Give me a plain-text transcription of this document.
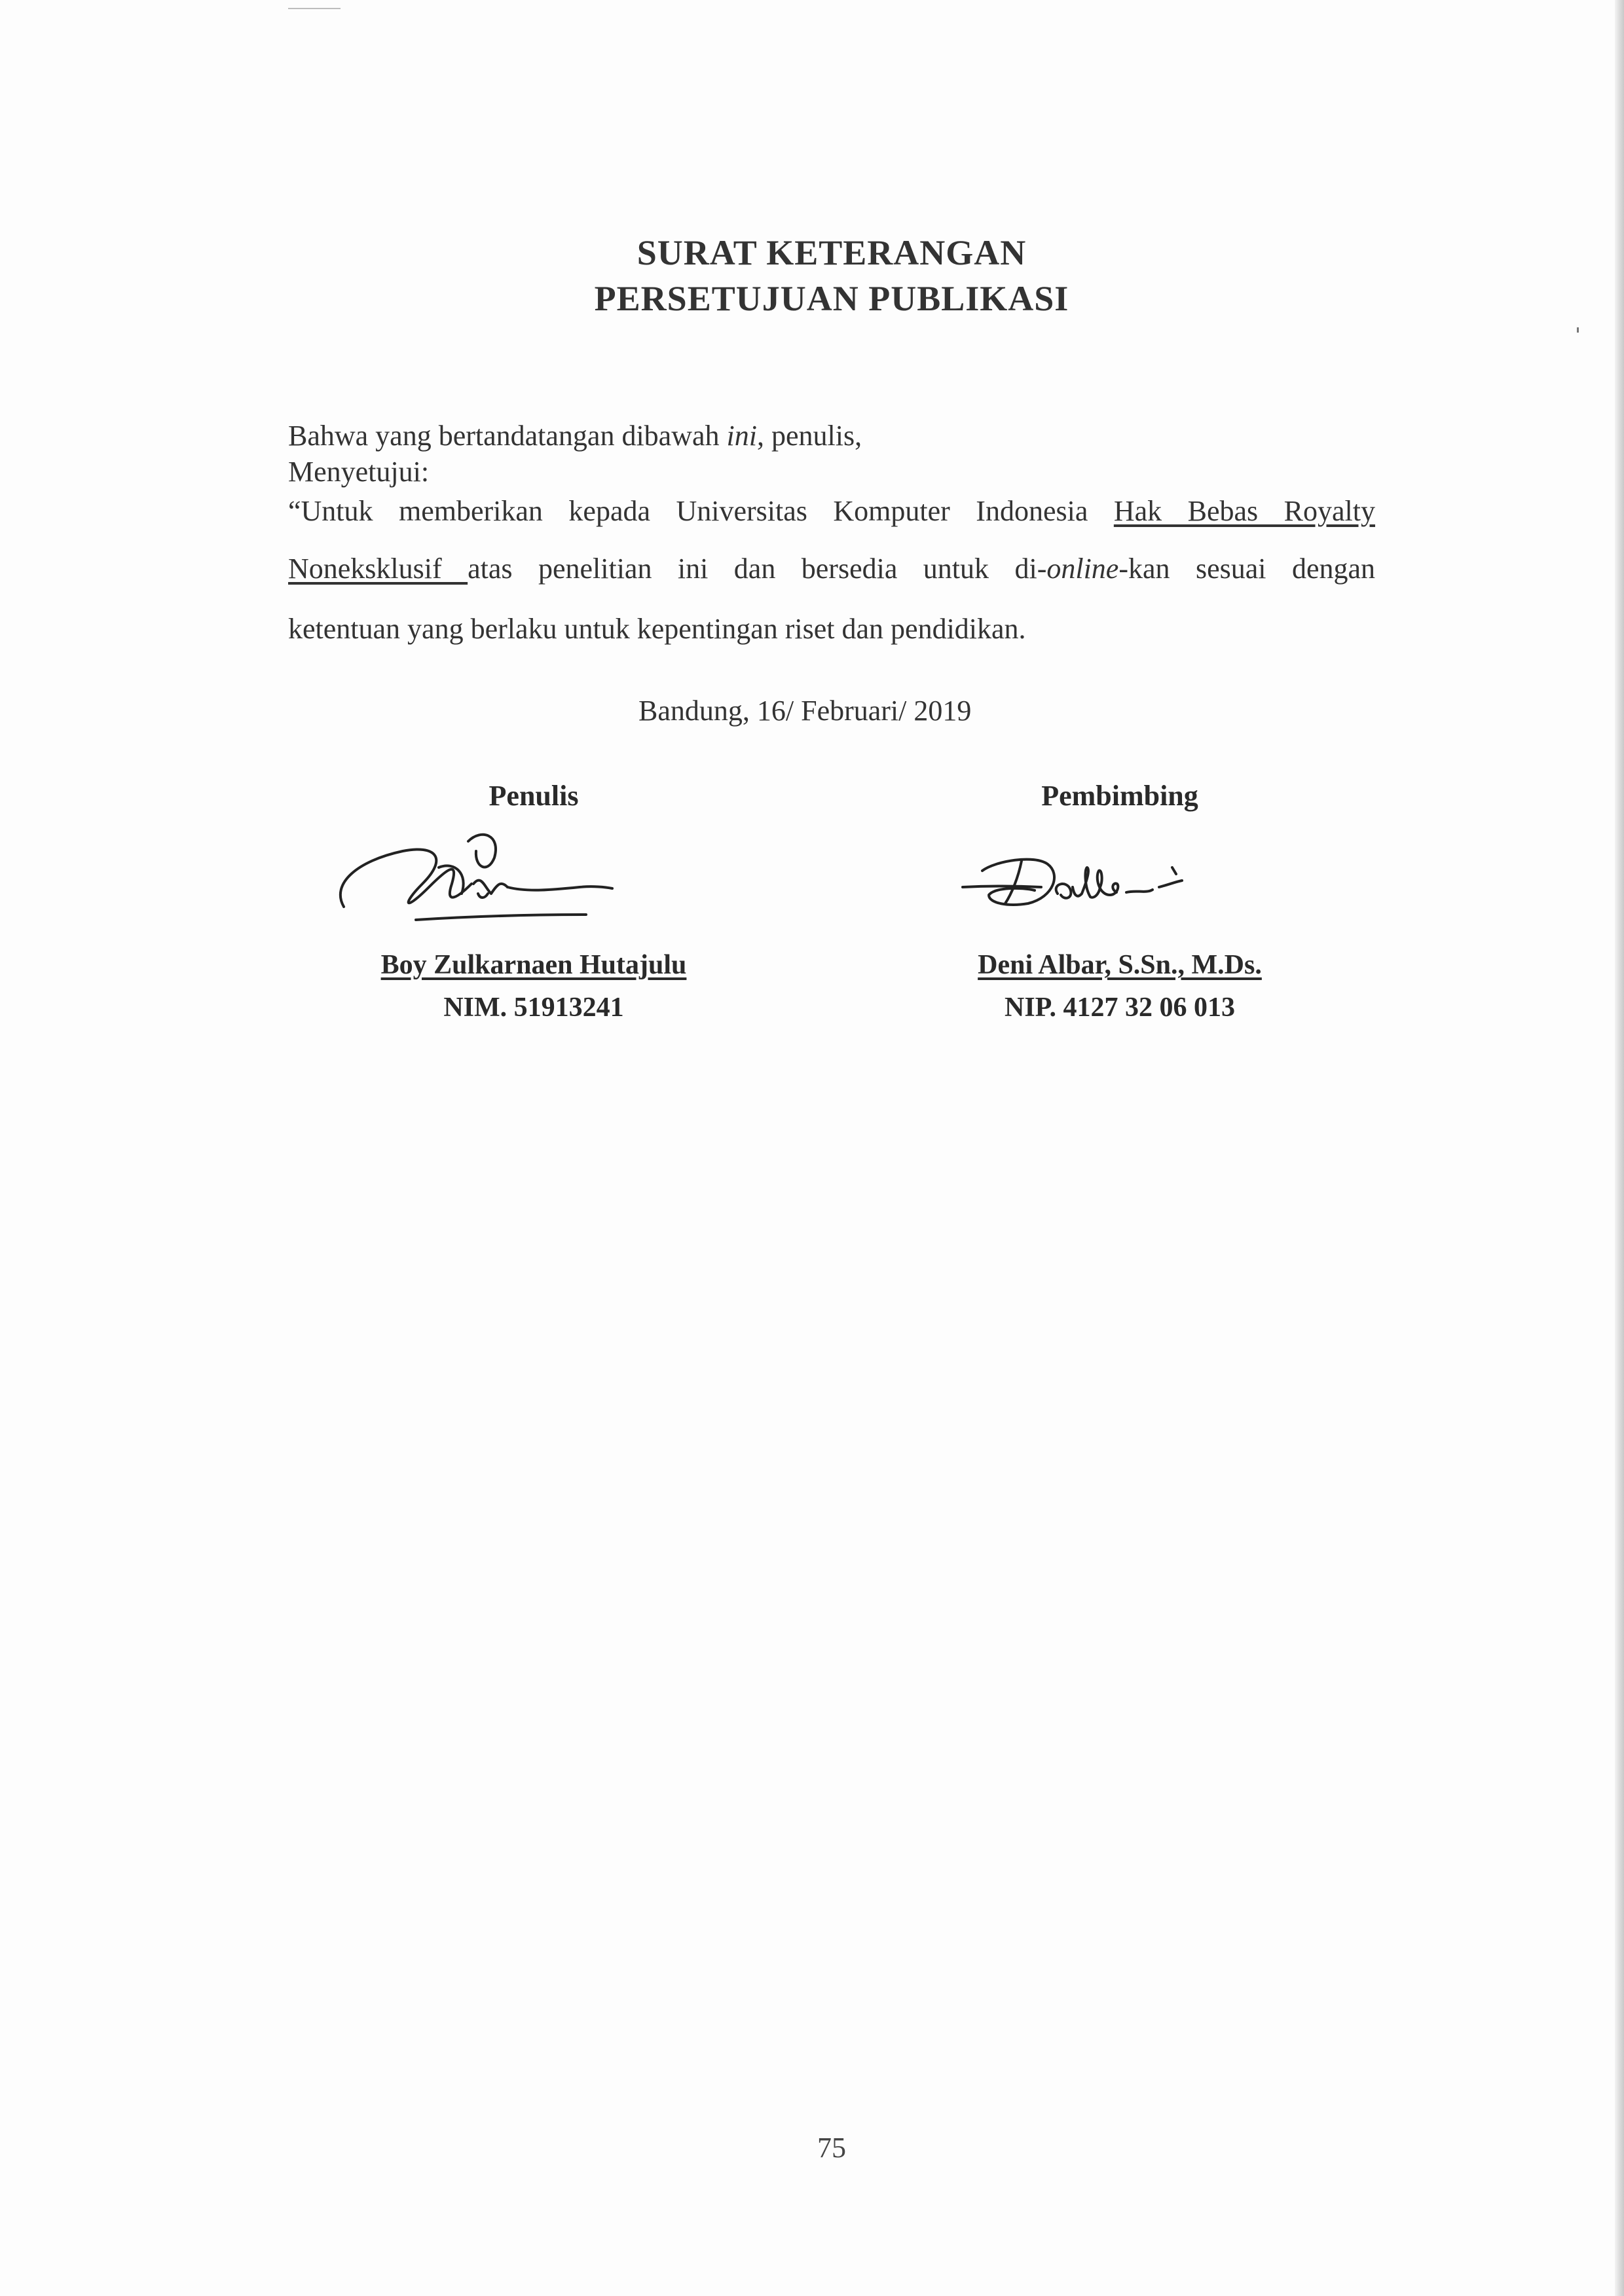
SURAT KETERANGAN
PERSETUJUAN PUBLIKASI
Bahwa yang bertandatangan dibawah ini, penulis,
Menyetujui:
“Untuk memberikan kepada Universitas Komputer Indonesia Hak Bebas Royalty
Noneksklusif atas penelitian ini dan bersedia untuk di-online-kan sesuai dengan
ketentuan yang berlaku untuk kepentingan riset dan pendidikan.
Bandung, 16/ Februari/ 2019
Penulis
Boy Zulkarnaen Hutajulu
NIM. 51913241
Pembimbing
Deni Albar, S.Sn., M.Ds.
NIP. 4127 32 06 013
75
